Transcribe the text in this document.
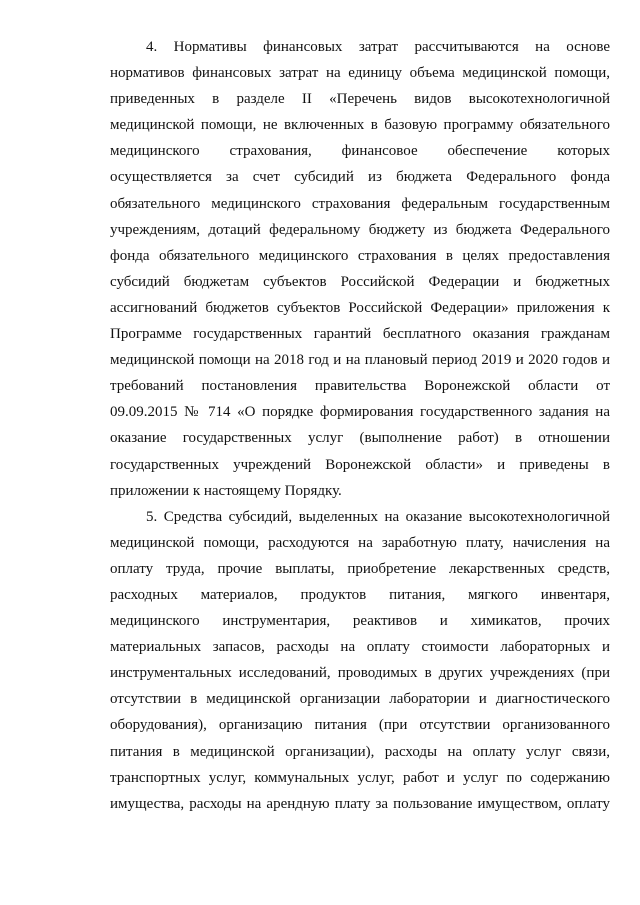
4. Нормативы финансовых затрат рассчитываются на основе
нормативов финансовых затрат на единицу объема медицинской помощи,
приведенных в разделе II «Перечень видов высокотехнологичной
медицинской помощи, не включенных в базовую программу обязательного
медицинского страхования, финансовое обеспечение которых
осуществляется за счет субсидий из бюджета Федерального фонда
обязательного медицинского страхования федеральным государственным
учреждениям, дотаций федеральному бюджету из бюджета Федерального
фонда обязательного медицинского страхования в целях предоставления
субсидий бюджетам субъектов Российской Федерации и бюджетных
ассигнований бюджетов субъектов Российской Федерации» приложения к
Программе государственных гарантий бесплатного оказания гражданам
медицинской помощи на 2018 год и на плановый период 2019 и 2020 годов и
требований постановления правительства Воронежской области от
09.09.2015 № 714 «О порядке формирования государственного задания на
оказание государственных услуг (выполнение работ) в отношении
государственных учреждений Воронежской области» и приведены в
приложении к настоящему Порядку.
5. Средства субсидий, выделенных на оказание высокотехнологичной
медицинской помощи, расходуются на заработную плату, начисления на
оплату труда, прочие выплаты, приобретение лекарственных средств,
расходных материалов, продуктов питания, мягкого инвентаря,
медицинского инструментария, реактивов и химикатов, прочих
материальных запасов, расходы на оплату стоимости лабораторных и
инструментальных исследований, проводимых в других учреждениях (при
отсутствии в медицинской организации лаборатории и диагностического
оборудования), организацию питания (при отсутствии организованного
питания в медицинской организации), расходы на оплату услуг связи,
транспортных услуг, коммунальных услуг, работ и услуг по содержанию
имущества, расходы на арендную плату за пользование имуществом, оплату
